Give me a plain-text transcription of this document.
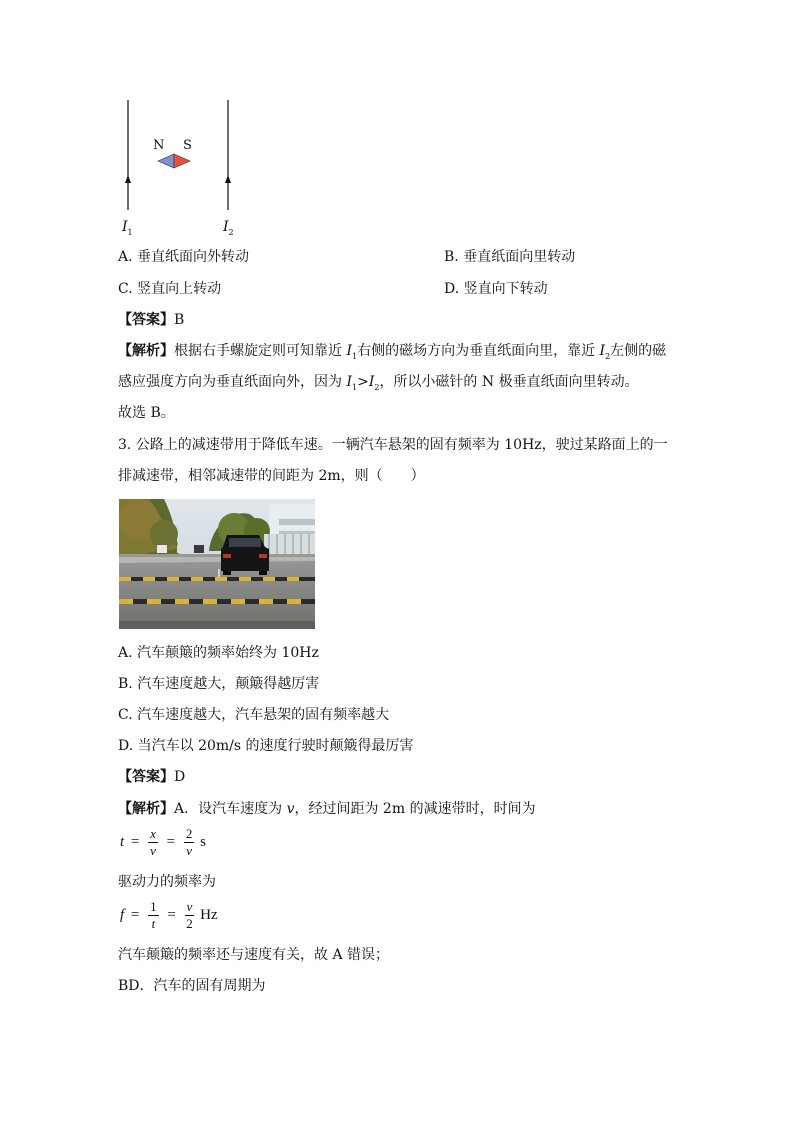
N S
$I_1$	$I_2$
A. 垂直纸面向外转动	B. 垂直纸面向里转动
C. 竖直向上转动	D. 竖直向下转动
【答案】B
【解析】根据右手螺旋定则可知靠近 $I_1$右侧的磁场方向为垂直纸面向里，靠近 $I_2$左侧的磁
感应强度方向为垂直纸面向外，因为 $I_1>I_2$，所以小磁针的 N 极垂直纸面向里转动。
故选 B。
3. 公路上的减速带用于降低车速。一辆汽车悬架的固有频率为 10Hz，驶过某路面上的一
排减速带，相邻减速带的间距为 2m，则（　　）
A. 汽车颠簸的频率始终为 10Hz
B. 汽车速度越大，颠簸得越厉害
C. 汽车速度越大，汽车悬架的固有频率越大
D. 当汽车以 20m/s 的速度行驶时颠簸得最厉害
【答案】D
【解析】A．设汽车速度为 v，经过间距为 2m 的减速带时，时间为
$t = \frac{x}{v} = \frac{2}{v}$ s
驱动力的频率为
$f = \frac{1}{t} = \frac{v}{2}$ Hz
汽车颠簸的频率还与速度有关，故 A 错误；
BD．汽车的固有周期为
